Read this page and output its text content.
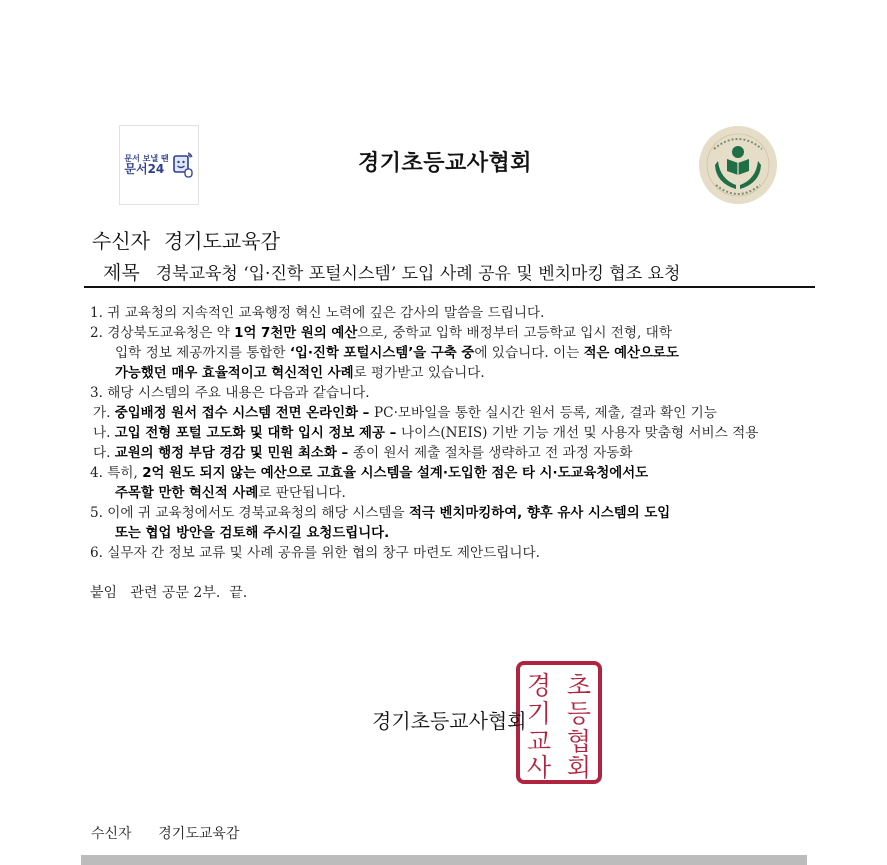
문서 보낼 땐
문서24	경기초등교사협회
수신자 경기도교육감
제목 경북교육청 ‘입·진학 포털시스템’ 도입 사례 공유 및 벤치마킹 협조 요청
1. 귀 교육청의 지속적인 교육행정 혁신 노력에 깊은 감사의 말씀을 드립니다.
2. 경상북도교육청은 약 1억 7천만 원의 예산으로, 중학교 입학 배정부터 고등학교 입시 전형, 대학
입학 정보 제공까지를 통합한 ‘입·진학 포털시스템’을 구축 중에 있습니다. 이는 적은 예산으로도
가능했던 매우 효율적이고 혁신적인 사례로 평가받고 있습니다.
3. 해당 시스템의 주요 내용은 다음과 같습니다.
가. 중입배정 원서 접수 시스템 전면 온라인화 – PC·모바일을 통한 실시간 원서 등록, 제출, 결과 확인 기능
나. 고입 전형 포털 고도화 및 대학 입시 정보 제공 – 나이스(NEIS) 기반 기능 개선 및 사용자 맞춤형 서비스 적용
다. 교원의 행정 부담 경감 및 민원 최소화 – 종이 원서 제출 절차를 생략하고 전 과정 자동화
4. 특히, 2억 원도 되지 않는 예산으로 고효율 시스템을 설계·도입한 점은 타 시·도교육청에서도
주목할 만한 혁신적 사례로 판단됩니다.
5. 이에 귀 교육청에서도 경북교육청의 해당 시스템을 적극 벤치마킹하여, 향후 유사 시스템의 도입
또는 협업 방안을 검토해 주시길 요청드립니다.
6. 실무자 간 정보 교류 및 사례 공유를 위한 협의 창구 마련도 제안드립니다.
붙임 관련 공문 2부.  끝.
경기초등교사협회
경
기
초
등
교
사
협
회
수신자 경기도교육감
